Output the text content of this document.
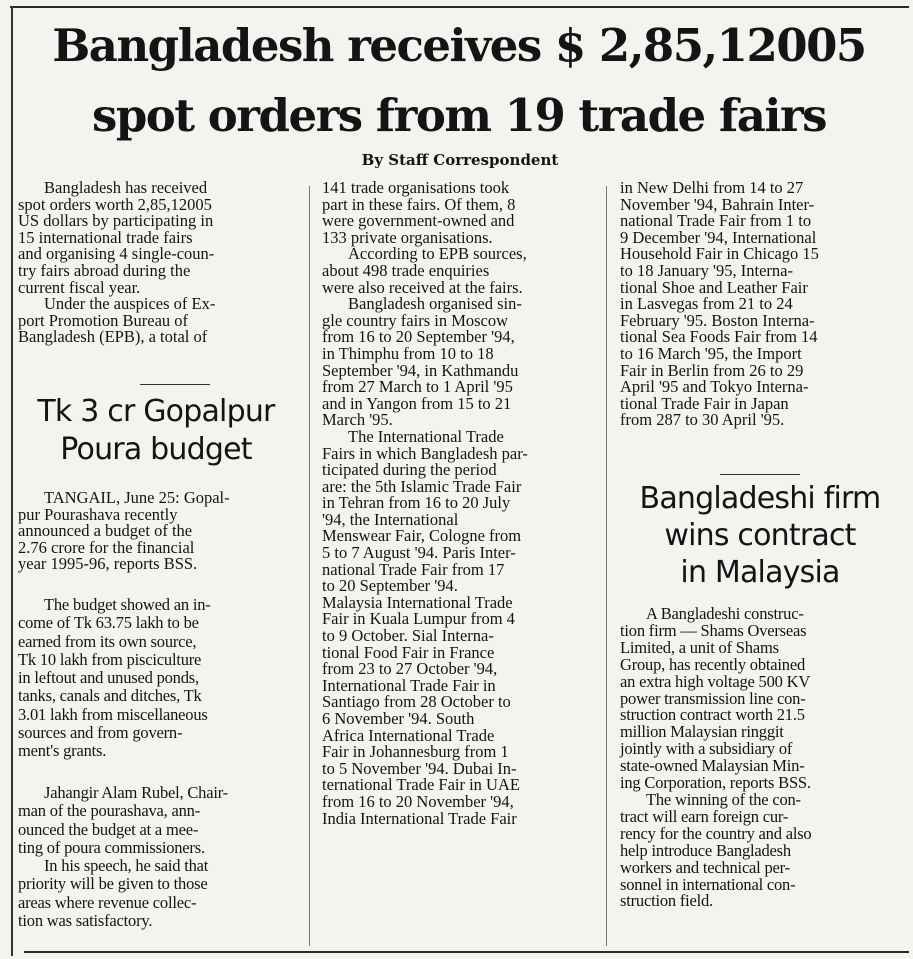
Bangladesh receives $ 2,85,12005
spot orders from 19 trade fairs
By Staff Correspondent
Bangladesh has received
spot orders worth 2,85,12005
US dollars by participating in
15 international trade fairs
and organising 4 single-coun-
try fairs abroad during the
current fiscal year.
Under the auspices of Ex-
port Promotion Bureau of
Bangladesh (EPB), a total of
Tk 3 cr Gopalpur
Poura budget
TANGAIL, June 25: Gopal-
pur Pourashava recently
announced a budget of the
2.76 crore for the financial
year 1995-96, reports BSS.
The budget showed an in-
come of Tk 63.75 lakh to be
earned from its own source,
Tk 10 lakh from pisciculture
in leftout and unused ponds,
tanks, canals and ditches, Tk
3.01 lakh from miscellaneous
sources and from govern-
ment's grants.
Jahangir Alam Rubel, Chair-
man of the pourashava, ann-
ounced the budget at a mee-
ting of poura commissioners.
In his speech, he said that
priority will be given to those
areas where revenue collec-
tion was satisfactory.
141 trade organisations took
part in these fairs. Of them, 8
were government-owned and
133 private organisations.
According to EPB sources,
about 498 trade enquiries
were also received at the fairs.
Bangladesh organised sin-
gle country fairs in Moscow
from 16 to 20 September '94,
in Thimphu from 10 to 18
September '94, in Kathmandu
from 27 March to 1 April '95
and in Yangon from 15 to 21
March '95.
The International Trade
Fairs in which Bangladesh par-
ticipated during the period
are: the 5th Islamic Trade Fair
in Tehran from 16 to 20 July
'94, the International
Menswear Fair, Cologne from
5 to 7 August '94. Paris Inter-
national Trade Fair from 17
to 20 September '94.
Malaysia International Trade
Fair in Kuala Lumpur from 4
to 9 October. Sial Interna-
tional Food Fair in France
from 23 to 27 October '94,
International Trade Fair in
Santiago from 28 October to
6 November '94. South
Africa International Trade
Fair in Johannesburg from 1
to 5 November '94. Dubai In-
ternational Trade Fair in UAE
from 16 to 20 November '94,
India International Trade Fair
in New Delhi from 14 to 27
November '94, Bahrain Inter-
national Trade Fair from 1 to
9 December '94, International
Household Fair in Chicago 15
to 18 January '95, Interna-
tional Shoe and Leather Fair
in Lasvegas from 21 to 24
February '95. Boston Interna-
tional Sea Foods Fair from 14
to 16 March '95, the Import
Fair in Berlin from 26 to 29
April '95 and Tokyo Interna-
tional Trade Fair in Japan
from 287 to 30 April '95.
Bangladeshi firm
wins contract
in Malaysia
A Bangladeshi construc-
tion firm — Shams Overseas
Limited, a unit of Shams
Group, has recently obtained
an extra high voltage 500 KV
power transmission line con-
struction contract worth 21.5
million Malaysian ringgit
jointly with a subsidiary of
state-owned Malaysian Min-
ing Corporation, reports BSS.
The winning of the con-
tract will earn foreign cur-
rency for the country and also
help introduce Bangladesh
workers and technical per-
sonnel in international con-
struction field.
